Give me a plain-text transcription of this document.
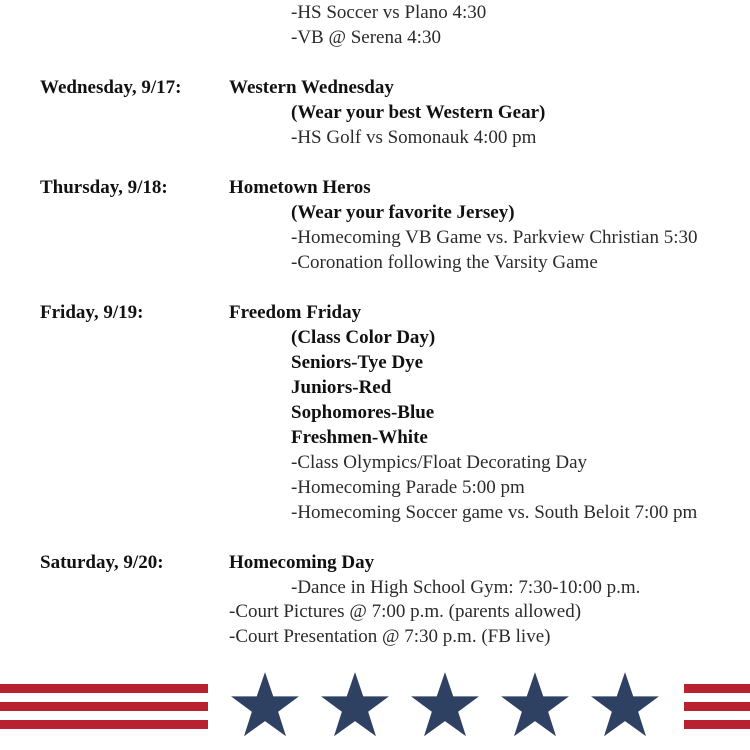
-HS Soccer vs Plano 4:30
-VB @ Serena 4:30
Wednesday, 9/17:	Western Wednesday
(Wear your best Western Gear)
-HS Golf vs Somonauk 4:00 pm
Thursday, 9/18:	Hometown Heros
(Wear your favorite Jersey)
-Homecoming VB Game vs. Parkview Christian 5:30
-Coronation following the Varsity Game
Friday, 9/19:	Freedom Friday
(Class Color Day)
Seniors-Tye Dye
Juniors-Red
Sophomores-Blue
Freshmen-White
-Class Olympics/Float Decorating Day
-Homecoming Parade 5:00 pm
-Homecoming Soccer game vs. South Beloit 7:00 pm
Saturday, 9/20:	Homecoming Day
-Dance in High School Gym: 7:30-10:00 p.m.
-Court Pictures @ 7:00 p.m. (parents allowed)
-Court Presentation @ 7:30 p.m. (FB live)
